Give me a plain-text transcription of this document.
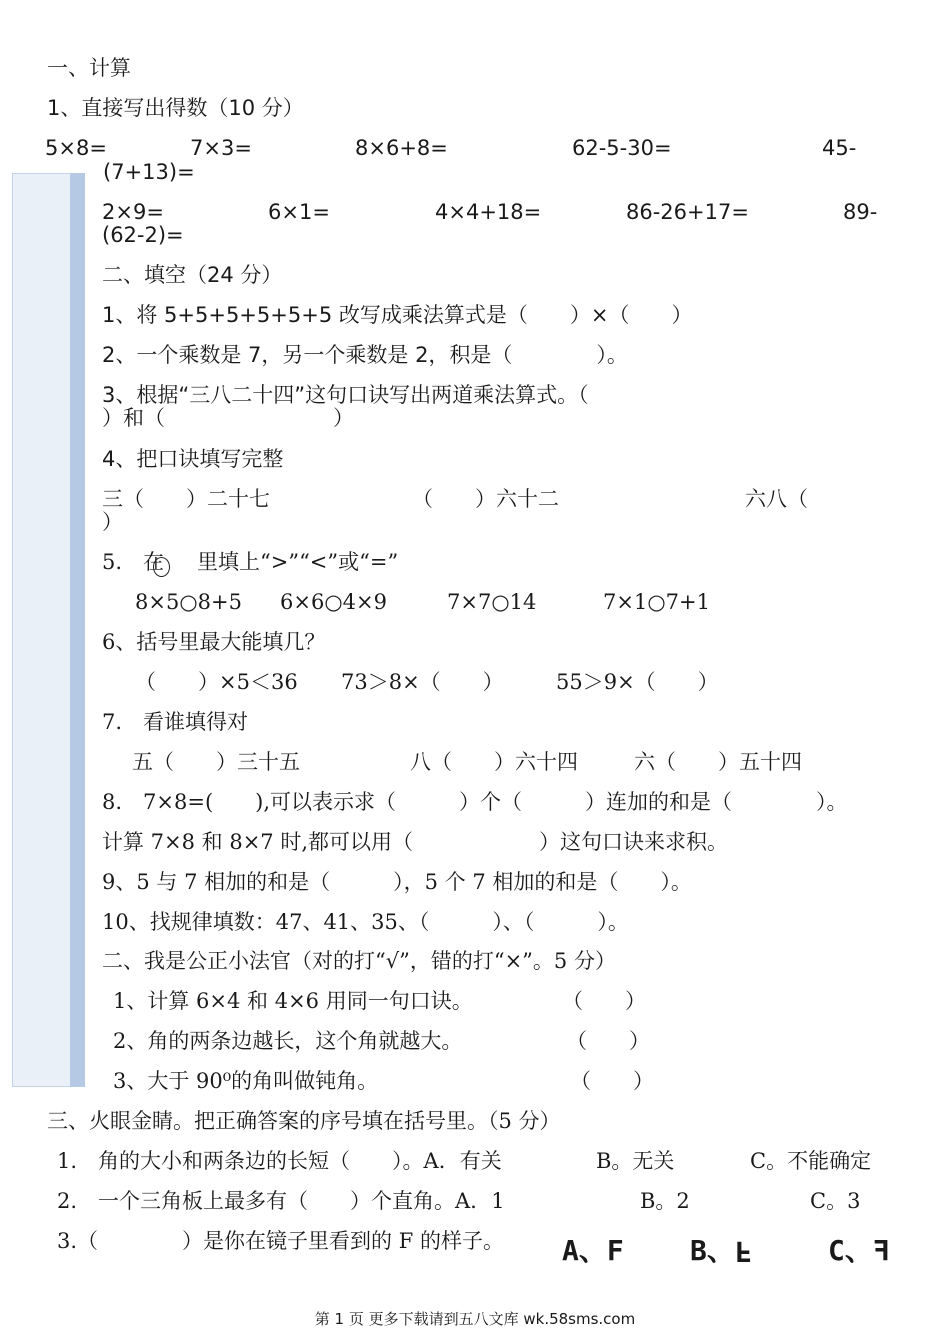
一、计算
1、直接写出得数（10 分）
5×8=	7×3=	8×6+8=	62-5-30=	45-
(7+13)=
2×9=	6×1=	4×4+18=	86-26+17=	89-
(62-2)=
二、填空（24 分）
1、将 5+5+5+5+5+5 改写成乘法算式是（　　）×（　　）
2、一个乘数是 7，另一个乘数是 2，积是（　　　　）。
3、根据“三八二十四”这句口诀写出两道乘法算式。（
）和（　　　　　　　　）
4、把口诀填写完整
三（　　）二十七	（　　）六十二	六八（
）
5.　在 里填上“>”“<”或“=”
8×5○8+5 6×6○4×9	7×7○14	7×1○7+1
6、括号里最大能填几？
（　　）×5＜36 73＞8×（　　） 55＞9×（　　）
7.　看谁填得对
五（　　）三十五	八（　　）六十四	六（　　）五十四
8.　7×8=(　　),可以表示求（　　　）个（　　　）连加的和是（　　　　）。
计算 7×8 和 8×7 时,都可以用（　　　　　　）这句口诀来求积。
9、5 与 7 相加的和是（　　　），5 个 7 相加的和是（　　）。
10、找规律填数：47、41、35、（　　　）、（　　　）。
二、我是公正小法官（对的打“√”，错的打“×”。5 分）
1、计算 6×4 和 4×6 用同一句口诀。	（　　）
2、角的两条边越长，这个角就越大。	（　　）
3、大于 90⁰的角叫做钝角。	（　　）
三、火眼金睛。把正确答案的序号填在括号里。（5 分）
1.　角的大小和两条边的长短（　　）。A．有关	B。无关	C。不能确定
2.　一个三角板上最多有（　　）个直角。A．1	B。2	C。3
3.（　　　　）是你在镜子里看到的 F 的样子。 A、F B、F	C、F
第 1 页 更多下载请到五八文库 wk.58sms.com
